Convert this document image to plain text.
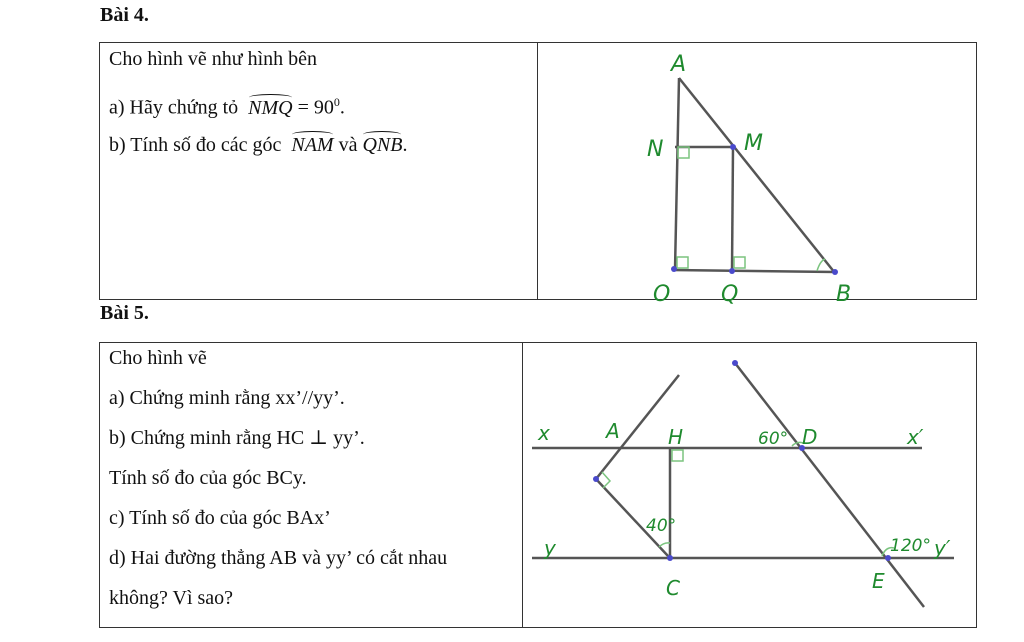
Bài 4.
Cho hình vẽ như hình bên
a) Hãy chứng tỏ NMQ = $90^0$.
b) Tính số đo các góc NAM và QNB.
A
N	M
O Q	B
Bài 5.
Cho hình vẽ
a) Chứng minh rằng xx’//yy’.
b) Chứng minh rằng HC ⊥ yy’.
Tính số đo của góc BCy.
c) Tính số đo của góc BAx’
d) Hai đường thẳng AB và yy’ có cắt nhau
không? Vì sao?
x	A H	60° D	x′
40°
y	120° y′
C	E
